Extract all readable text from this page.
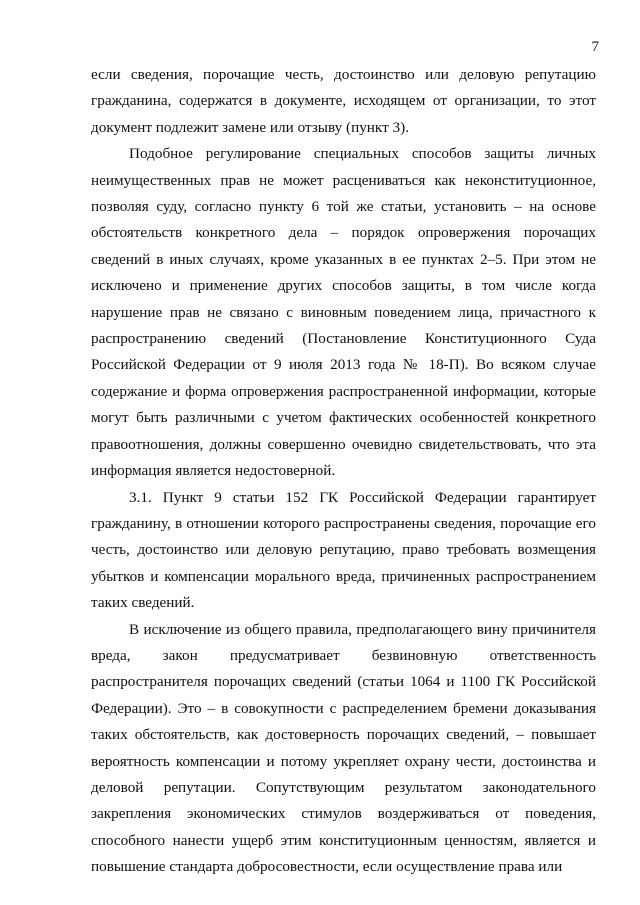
7

если сведения, порочащие честь, достоинство или деловую репутацию гражданина, содержатся в документе, исходящем от организации, то этот документ подлежит замене или отзыву (пункт 3).

Подобное регулирование специальных способов защиты личных неимущественных прав не может расцениваться как неконституционное, позволяя суду, согласно пункту 6 той же статьи, установить – на основе обстоятельств конкретного дела – порядок опровержения порочащих сведений в иных случаях, кроме указанных в ее пунктах 2–5. При этом не исключено и применение других способов защиты, в том числе когда нарушение прав не связано с виновным поведением лица, причастного к распространению сведений (Постановление Конституционного Суда Российской Федерации от 9 июля 2013 года № 18-П). Во всяком случае содержание и форма опровержения распространенной информации, которые могут быть различными с учетом фактических особенностей конкретного правоотношения, должны совершенно очевидно свидетельствовать, что эта информация является недостоверной.

3.1. Пункт 9 статьи 152 ГК Российской Федерации гарантирует гражданину, в отношении которого распространены сведения, порочащие его честь, достоинство или деловую репутацию, право требовать возмещения убытков и компенсации морального вреда, причиненных распространением таких сведений.

В исключение из общего правила, предполагающего вину причинителя вреда, закон предусматривает безвиновную ответственность распространителя порочащих сведений (статьи 1064 и 1100 ГК Российской Федерации). Это – в совокупности с распределением бремени доказывания таких обстоятельств, как достоверность порочащих сведений, – повышает вероятность компенсации и потому укрепляет охрану чести, достоинства и деловой репутации. Сопутствующим результатом законодательного закрепления экономических стимулов воздерживаться от поведения, способного нанести ущерб этим конституционным ценностям, является и повышение стандарта добросовестности, если осуществление права или
